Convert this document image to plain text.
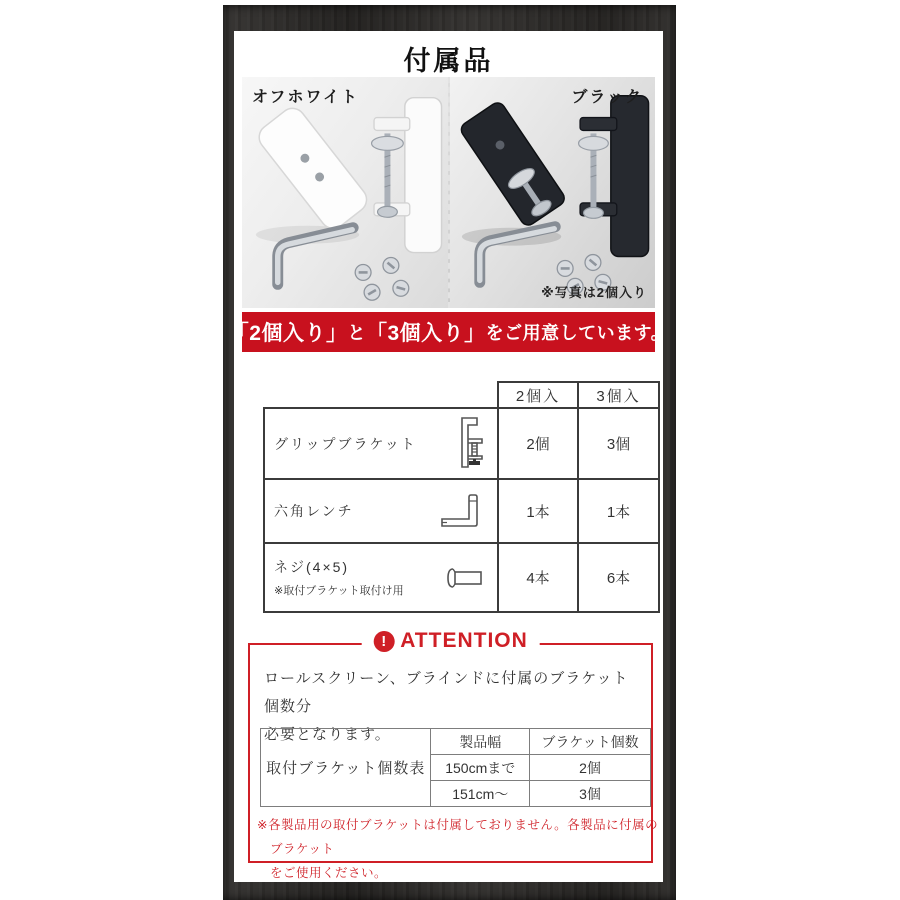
付属品
オフホワイト	ブラック
※写真は2個入り
「2個入り」 と 「3個入り」 をご用意しています。
	2個入	3個入
グリップブラケット	2個	3個
六角レンチ	1本	1本
ネジ(4×5)
※取付ブラケット取付け用	4本	6本
! ATTENTION

ロールスクリーン、ブラインドに付属のブラケット個数分
必要となります。

取付ブラケット個数表	製品幅	ブラケット個数
	150cmまで	2個
	151cm〜	3個

※各製品用の取付ブラケットは付属しておりません。各製品に付属のブラケット
をご使用ください。
